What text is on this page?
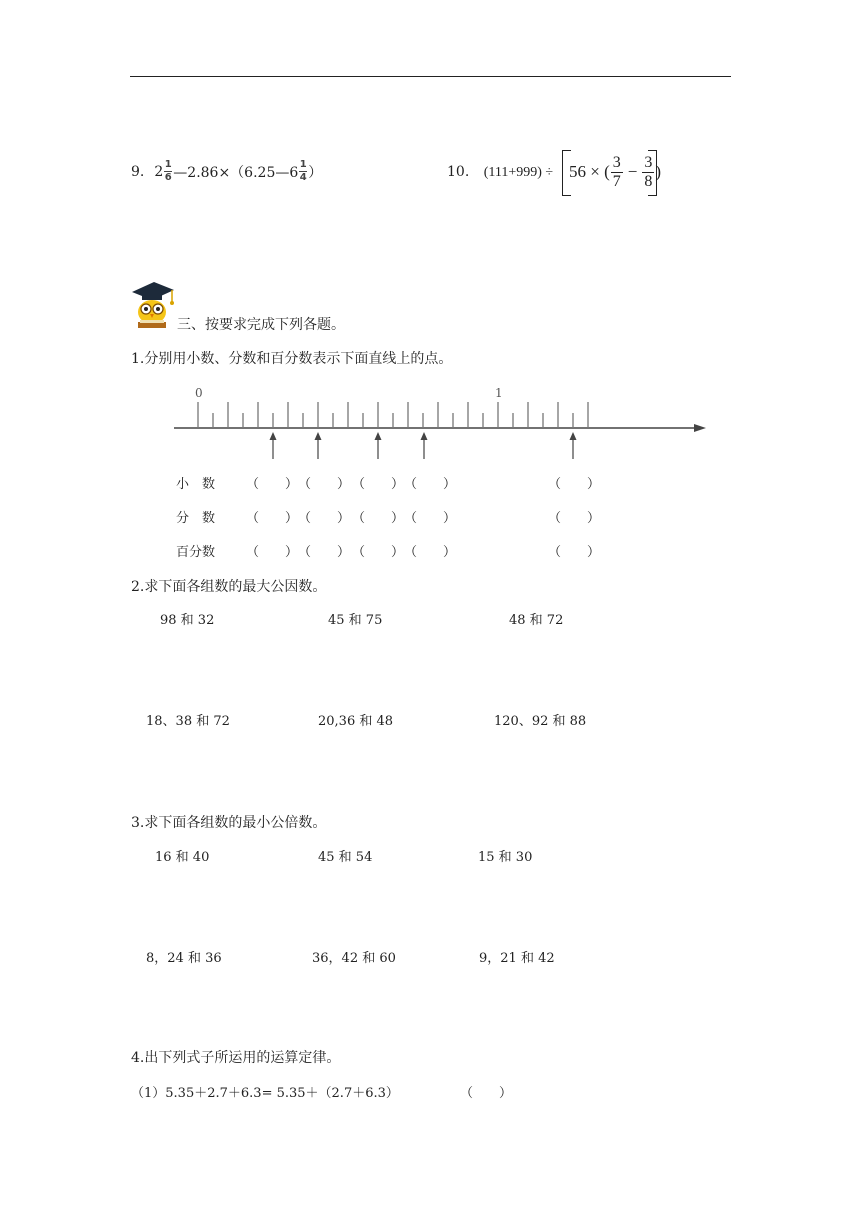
9. $2 \frac{1}{6}$ —2.86×（6.25—6 $\frac{1}{4}$ ）	10. (111+999) ÷ 56 × ( $\frac{3}{7} - \frac{3}{8}$ )
三、按要求完成下列各题。
1.分别用小数、分数和百分数表示下面直线上的点。
0	1
小　数 （　　） （　　） （　　） （　　）	（　　）
分　数 （　　） （　　） （　　） （　　）	（　　）
百分数 （　　） （　　） （　　） （　　）	（　　）
2.求下面各组数的最大公因数。
98 和 32	45 和 75	48 和 72
18、38 和 72	20,36 和 48	120、92 和 88
3.求下面各组数的最小公倍数。
16 和 40	45 和 54	15 和 30
8，24 和 36	36，42 和 60	9，21 和 42
4.出下列式子所运用的运算定律。
（1）5.35＋2.7＋6.3= 5.35＋（2.7＋6.3）	（　　）
